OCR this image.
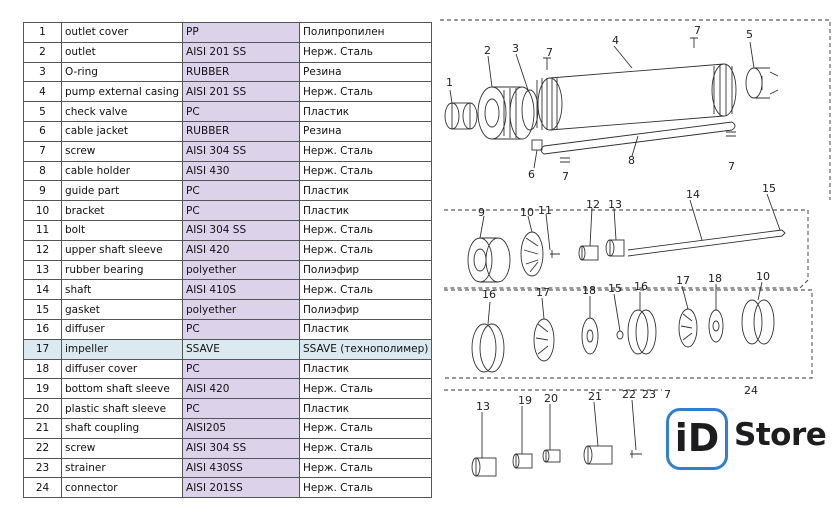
1	outlet cover	PP	Полипропилен
2	outlet	AISI 201 SS	Нерж. Сталь
3	O-ring	RUBBER	Резина
4	pump external casing	AISI 201 SS	Нерж. Сталь
5	check valve	PC	Пластик
6	cable jacket	RUBBER	Резина
7	screw	AISI 304 SS	Нерж. Сталь
8	cable holder	AISI 430	Нерж. Сталь
9	guide part	PC	Пластик
10	bracket	PC	Пластик
11	bolt	AISI 304 SS	Нерж. Сталь
12	upper shaft sleeve	AISI 420	Нерж. Сталь
13	rubber bearing	polyether	Полиэфир
14	shaft	AISI 410S	Нерж. Сталь
15	gasket	polyether	Полиэфир
16	diffuser	PC	Пластик
17	impeller	SSAVE	SSAVE (технополимер)
18	diffuser cover	PC	Пластик
19	bottom shaft sleeve	AISI 420	Нерж. Сталь
20	plastic shaft sleeve	PC	Пластик
21	shaft coupling	AISI205	Нерж. Сталь
22	screw	AISI 304 SS	Нерж. Сталь
23	strainer	AISI 430SS	Нерж. Сталь
24	connector	AISI 201SS	Нерж. Сталь
1
2 3
4	5
6
7
7
7
7
8
9	10 11	12 13
14	15
16	17	18 15 16	17 18	10
13	19 20	21 22 23 7	24
iD Store
